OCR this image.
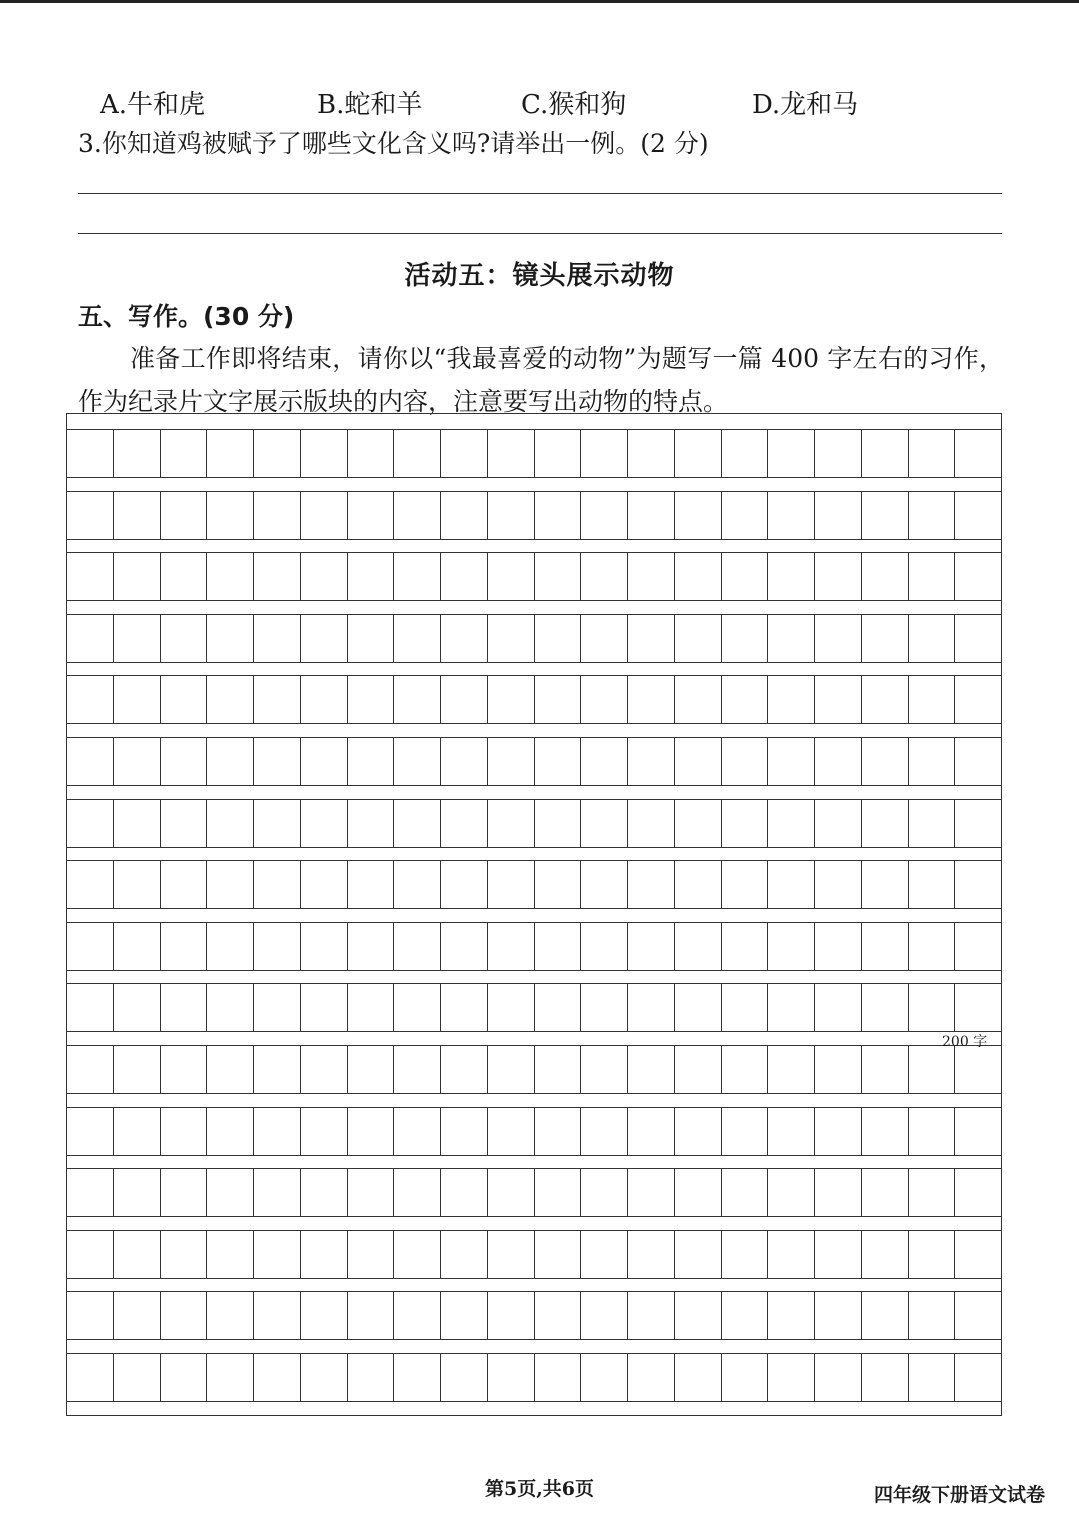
A.牛和虎	B.蛇和羊	C.猴和狗	D.龙和马
3.你知道鸡被赋予了哪些文化含义吗?请举出一例。(2 分)
活动五：镜头展示动物
五、写作。(30 分)
准备工作即将结束，请你以“我最喜爱的动物”为题写一篇 400 字左右的习作，作为纪录片文字展示版块的内容，注意要写出动物的特点。
200 字
第5页,共6页	四年级下册语文试卷
